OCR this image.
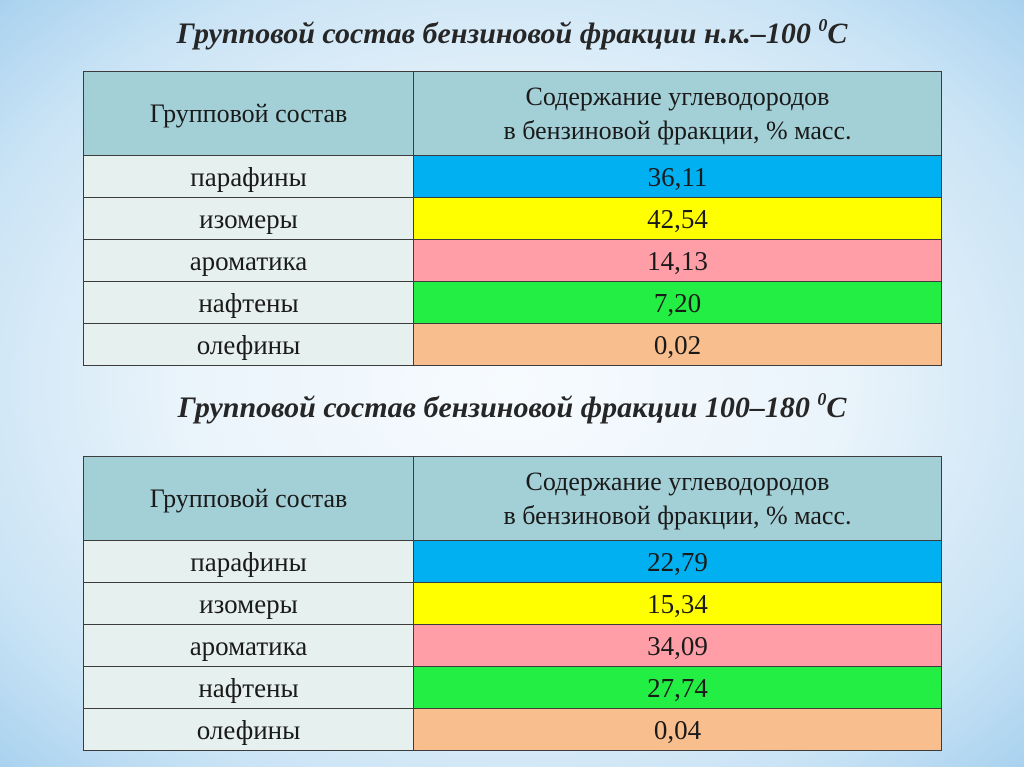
Групповой состав бензиновой фракции н.к.–100 $^0$С
Групповой состав	Содержание углеводородов
в бензиновой фракции, % масс.

парафины	36,11
изомеры	42,54
ароматика	14,13
нафтены	7,20
олефины	0,02
Групповой состав бензиновой фракции 100–180 $^0$С
Групповой состав	Содержание углеводородов
в бензиновой фракции, % масс.

парафины	22,79
изомеры	15,34
ароматика	34,09
нафтены	27,74
олефины	0,04
